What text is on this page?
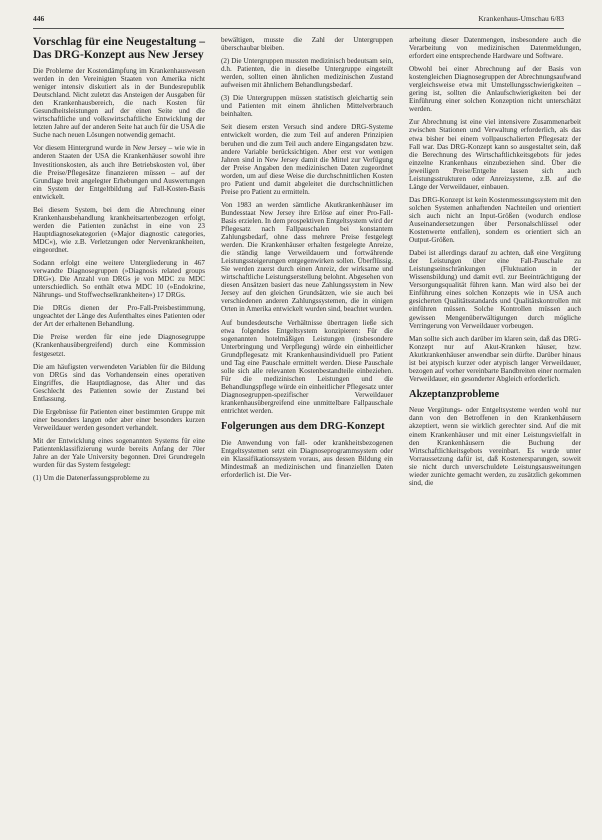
446	Krankenhaus-Umschau 6/83
Vorschlag für eine Neugestaltung – Das DRG-Konzept aus New Jersey

Die Probleme der Kostendämpfung im Krankenhauswesen werden in den Vereinigten Staaten von Amerika nicht weniger intensiv diskutiert als in der Bundesrepublik Deutschland. Nicht zuletzt das Ansteigen der Ausgaben für den Krankenhausbereich, die nach Kosten für Gesundheitsleistungen auf der einen Seite und die wirtschaftliche und volkswirtschaftliche Entwicklung der letzten Jahre auf der anderen Seite hat auch für die USA die Suche nach neuen Lösungen notwendig gemacht.

Vor diesem Hintergrund wurde in New Jersey – wie wie in anderen Staaten der USA die Krankenhäuser sowohl ihre Investitionskosten, als auch ihre Betriebskosten vol, über die Preise/Pflegesätze finanzieren müssen – auf der Grundlage breit angelegter Erhebungen und Auswertungen ein System der Entgeltbildung auf Fall-Kosten-Basis entwickelt.

Bei diesem System, bei dem die Abrechnung einer Krankenhausbehandlung krankheitsartenbezogen erfolgt, werden die Patienten zunächst in eine von 23 Hauptdiagnosekategorien (»Major diagnostic categories, MDC«), wie z.B. Verletzungen oder Nervenkrankheiten, eingeordnet.

Sodann erfolgt eine weitere Untergliederung in 467 verwandte Diagnosegruppen (»Diagnosis related groups DRG«). Die Anzahl von DRGs je von MDC zu MDC unterschiedlich. So enthält etwa MDC 10 (»Endokrine, Nährungs- und Stoffwechselkrankheiten«) 17 DRGs.

Die DRGs dienen der Pro-Fall-Preisbestimmung, ungeachtet der Länge des Aufenthaltes eines Patienten oder der Art der erhaltenen Behandlung.

Die Preise werden für eine jede Diagnosegruppe (Krankenhausübergreifend) durch eine Kommission festgesetzt.

Die am häufigsten verwendeten Variablen für die Bildung von DRGs sind das Vorhandensein eines operativen Eingriffes, die Hauptdiagnose, das Alter und das Geschlecht des Patienten sowie der Zustand bei Entlassung.

Die Ergebnisse für Patienten einer bestimmten Gruppe mit einer besonders langen oder aber einer besonders kurzen Verweildauer werden gesondert verhandelt.

Mit der Entwicklung eines sogenannten Systems für eine Patientenklassifizierung wurde bereits Anfang der 70er Jahre an der Yale University begonnen. Drei Grundregeln wurden für das System festgelegt:

(1) Um die Datenerfassungsprobleme zu

bewältigen, musste die Zahl der Untergruppen überschaubar bleiben.

(2) Die Untergruppen mussten medizinisch bedeutsam sein, d.h. Patienten, die in dieselbe Untergruppe eingeteilt werden, sollten einen ähnlichen medizinischen Zustand aufweisen mit ähnlichem Behandlungsbedarf.

(3) Die Untergruppen müssen statistisch gleichartig sein und Patienten mit einem ähnlichen Mittelverbrauch beinhalten.

Seit diesem ersten Versuch sind andere DRG-Systeme entwickelt worden, die zum Teil auf anderen Prinzipien beruhen und die zum Teil auch andere Eingangsdaten bzw. andere Variable berücksichtigen. Aber erst vor wenigen Jahren sind in New Jersey damit die Mittel zur Verfügung der Preise Angaben den medizinischen Daten zugeordnet worden, um auf diese Weise die durchschnittlichen Kosten pro Patient und damit abgeleitet die durchschnittlichen Preise pro Patient zu ermitteln.

Von 1983 an werden sämtliche Akutkrankenhäuser im Bundesstaat New Jersey ihre Erlöse auf einer Pro-Fall-Basis erzielen. In dem prospektiven Entgeltsystem wird der Pflegesatz nach Fallpauschalen bei konstantem Zahlungsbedarf, ohne dass mehrere Preise festgelegt werden. Die Krankenhäuser erhalten festgelegte Anreize, die ständig lange Verweildauern und fortwährende Leistungssteigerungen entgegenwirken sollen. Überflüssig. Sie werden zuerst durch einen Anreiz, der wirksame und wirtschaftliche Leistungserstellung belohnt. Abgesehen von diesen Ansätzen basiert das neue Zahlungssystem in New Jersey auf den gleichen Grundsätzen, wie sie auch bei verschiedenen anderen Zahlungssystemen, die in einigen Orten in Amerika entwickelt wurden sind, beachtet wurden.

Auf bundesdeutsche Verhältnisse übertragen ließe sich etwa folgendes Entgeltsystem konzipieren: Für die sogenannten hotelmäßigen Leistungen (insbesondere Unterbringung und Verpflegung) würde ein einheitlicher Grundpflegesatz mit Krankenhausindividuell pro Patient und Tag eine Pauschale ermittelt werden. Diese Pauschale solle sich alle relevanten Kostenbestandteile einbeziehen. Für die medizinischen Leistungen und die Behandlungspflege würde ein einheitlicher Pflegesatz unter Diagnosegruppen-spezifischer Verweildauer krankenhausübergreifend eine unmittelbare Fallpauschale entrichtet werden.

Folgerungen aus dem DRG-Konzept

Die Anwendung von fall- oder krankheitsbezogenen Entgeltsystemen setzt ein Diagnoseprogrammsystem oder ein Klassifikationssystem voraus, aus dessen Bildung ein Mindestmaß an medizinischen und finanziellen Daten erforderlich ist. Die Ver-

arbeitung dieser Datenmengen, insbesondere auch die Verarbeitung von medizinischen Datenmeldungen, erfordert eine entsprechende Hardware und Software.

Obwohl bei einer Abrechnung auf der Basis von kostengleichen Diagnosegruppen der Abrechnungsaufwand vergleichsweise etwa mit Umstellungsschwierigkeiten – gering ist, sollten die Anlaufschwierigkeiten bei der Einführung einer solchen Konzeption nicht unterschätzt werden.

Zur Abrechnung ist eine viel intensivere Zusammenarbeit zwischen Stationen und Verwaltung erforderlich, als das etwa bisher bei einem vollpauschalierten Pflegesatz der Fall war. Das DRG-Konzept kann so ausgestaltet sein, daß die Berechnung des Wirtschaftlichkeitsgebots für jedes einzelne Krankenhaus einzubeziehen sind. Über die jeweiligen Preise/Entgelte lassen sich auch Leistungsstrukturen oder Anreizsysteme, z.B. auf die Länge der Verweildauer, einbauen.

Das DRG-Konzept ist kein Kostenmessungssystem mit den solchen Systemen anhaftenden Nachteilen und orientiert sich auch nicht an Input-Größen (wodurch endlose Auseinandersetzungen über Personalschlüssel oder Kostenwerte entfallen), sondern es orientiert sich an Output-Größen.

Dabei ist allerdings darauf zu achten, daß eine Vergütung der Leistungen über eine Fall-Pauschale zu Leistungseinschränkungen (Fluktuation in der Wissensbildung) und damit evtl. zur Beeinträchtigung der Versorgungsqualität führen kann. Man wird also bei der Einführung eines solchen Konzepts wie in USA auch gesicherten Qualitätsstandards und Qualitätskontrollen mit einführen müssen. Solche Kontrollen müssen auch gewissen Mengenüberwältigungen durch mögliche Verringerung von Verweildauer vorbeugen.

Man sollte sich auch darüber im klaren sein, daß das DRG-Konzept nur auf Akut-Kranken häuser, bzw. Akutkrankenhäuser anwendbar sein dürfte. Darüber hinaus ist bei atypisch kurzer oder atypisch langer Verweildauer, bezogen auf vorher vereinbarte Bandbreiten einer normalen Verweildauer, ein gesonderter Abgleich erforderlich.

Akzeptanzprobleme

Neue Vergütungs- oder Entgeltsysteme werden wohl nur dann von den Betroffenen in den Krankenhäusern akzeptiert, wenn sie wirklich gerechter sind. Auf die mit einem Krankenhäuser und mit einer Leistungsvielfalt in den Krankenhäusern die Buchung der Wirtschaftlichkeitsgebots vereinbart. Es wurde unter Vorraussetzung dafür ist, daß Kostenersparungen, soweit sie nicht durch unverschuldete Leistungsausweitungen wieder zunichte gemacht werden, zu zusätzlich gekommen sind, die
